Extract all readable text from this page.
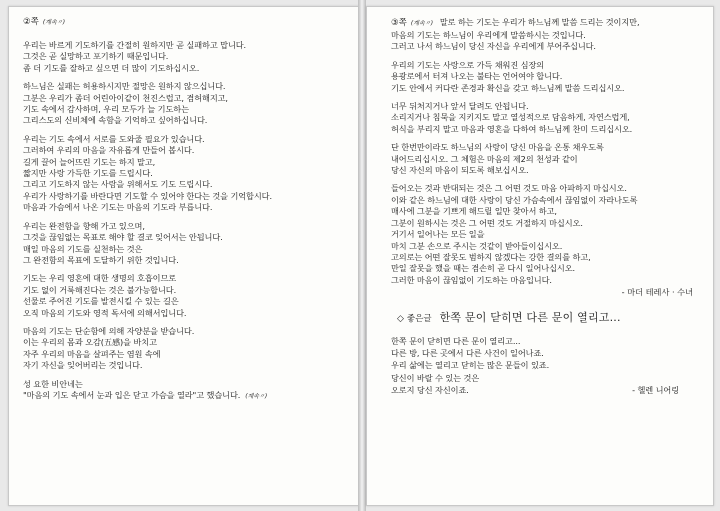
②쪽 (계속〃)
우리는 바르게 기도하기를 간절히 원하지만 곧 실패하고 맙니다.
그것은 곧 실망하고 포기하기 때문입니다.
좀 더 기도를 잘하고 싶으면 더 많이 기도하십시오.
하느님은 실패는 허용하시지만 절망은 원하지 않으십니다.
그분은 우리가 좀더 어린아이같이 천진스럽고, 겸허해지고,
기도 속에서 감사하며, 우리 모두가 늘 기도하는
그리스도의 신비체에 속함을 기억하고 싶어하십니다.
우리는 기도 속에서 서로를 도와줄 필요가 있습니다.
그러하여 우리의 마음을 자유롭게 만들어 봅시다.
길게 끌어 늘어뜨린 기도는 하지 말고,
짧지만 사랑 가득한 기도를 드립시다.
그리고 기도하지 않는 사람을 위해서도 기도 드립시다.
우리가 사랑하기를 바란다면 기도할 수 있어야 한다는 것을 기억합시다.
마음과 가슴에서 나온 기도는 마음의 기도라 부릅니다.
우리는 완전함을 향해 가고 있으며,
그것을 끊임없는 목표로 해야 할 결코 잊어서는 안됩니다.
매일 마음의 기도를 실천하는 것은
그 완전함의 목표에 도달하기 위한 것입니다.
기도는 우리 영혼에 대한 생명의 호흡이므로
기도 없이 거룩해진다는 것은 불가능합니다.
선물로 주어진 기도를 발전시킬 수 있는 길은
오직 마음의 기도와 영적 독서에 의해서입니다.
마음의 기도는 단순함에 의해 자양분을 받습니다.
이는 우리의 몸과 오감(五感)을 바치고
자주 우리의 마음을 살펴주는 염원 속에
자기 자신을 잊어버리는 것입니다.
성 요한 비안네는
"마음의 기도 속에서 눈과 입은 닫고 가슴을 열라"고 했습니다. (계속〃)
③쪽 (계속〃) 말로 하는 기도는 우리가 하느님께 말씀 드리는 것이지만,
마음의 기도는 하느님이 우리에게 말씀하시는 것입니다.
그러고 나서 하느님이 당신 자신을 우리에게 부어주십니다.
우리의 기도는 사랑으로 가득 채워진 심장의
용광로에서 터져 나오는 불타는 언어여야 합니다.
기도 안에서 커다란 존경과 확신을 갖고 하느님께 말씀 드리십시오.
너무 뒤처지거나 앞서 달려도 안됩니다.
소리지거나 침묵을 지키지도 말고 열성적으로 담음하게, 자연스럽게,
허식을 부리지 말고 마음과 영혼을 다하여 하느님께 찬미 드리십시오.
단 한번만이라도 하느님의 사랑이 당신 마음을 온통 채우도록
내어드리십시오. 그 체험은 마음의 제2의 천성과 같이
당신 자신의 마음이 되도록 해보십시오.
들어오는 것과 반대되는 것은 그 어떤 것도 마음 아파하지 마십시오.
이와 같은 하느님에 대한 사랑이 당신 가슴속에서 끊임없이 자라나도록
매사에 그분을 기쁘게 해드릴 일만 찾아서 하고,
그분이 원하시는 것은 그 어떤 것도 거절하지 마십시오.
거기서 일어나는 모든 일을
마치 그분 손으로 주시는 것같이 받아들이십시오.
고의로는 어떤 잘못도 범하지 않겠다는 강한 결의를 하고,
만일 잘못을 했을 때는 겸손히 곧 다시 일어나십시오.
그러한 마음이 끊임없이 기도하는 마음입니다.
- 마더 테레사 · 수녀
◇ 좋은글 한쪽 문이 닫히면 다른 문이 열리고...
한쪽 문이 닫히면 다른 문이 열리고...
다른 방, 다른 곳에서 다른 사건이 일어나죠.
우리 삶에는 열리고 닫히는 많은 문들이 있죠.
당신이 바랄 수 있는 것은
오로지 당신 자신이죠.	- 헬렌 니어링
